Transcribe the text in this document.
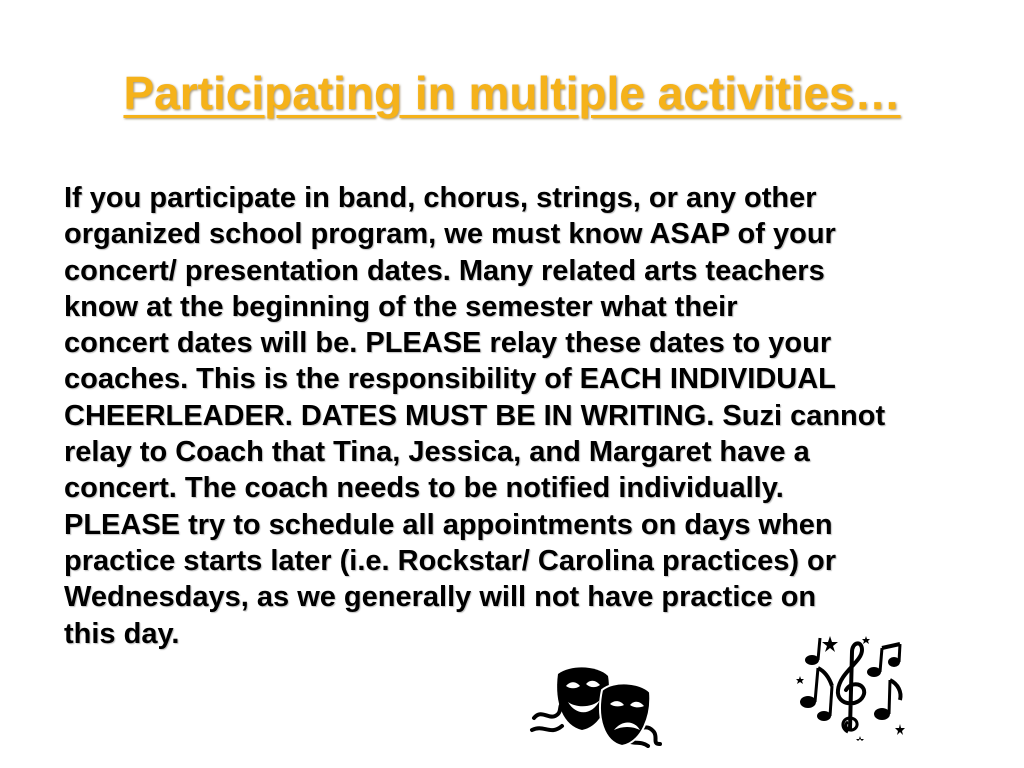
Participating in multiple activities…
If you participate in band, chorus, strings, or any other
organized school program, we must know ASAP of your
concert/ presentation dates. Many related arts teachers
know at the beginning of the semester what their
concert dates will be. PLEASE relay these dates to your
coaches. This is the responsibility of EACH INDIVIDUAL
CHEERLEADER. DATES MUST BE IN WRITING. Suzi cannot
relay to Coach that Tina, Jessica, and Margaret have a
concert. The coach needs to be notified individually.
PLEASE try to schedule all appointments on days when
practice starts later (i.e. Rockstar/ Carolina practices) or
Wednesdays, as we generally will not have practice on
this day.
